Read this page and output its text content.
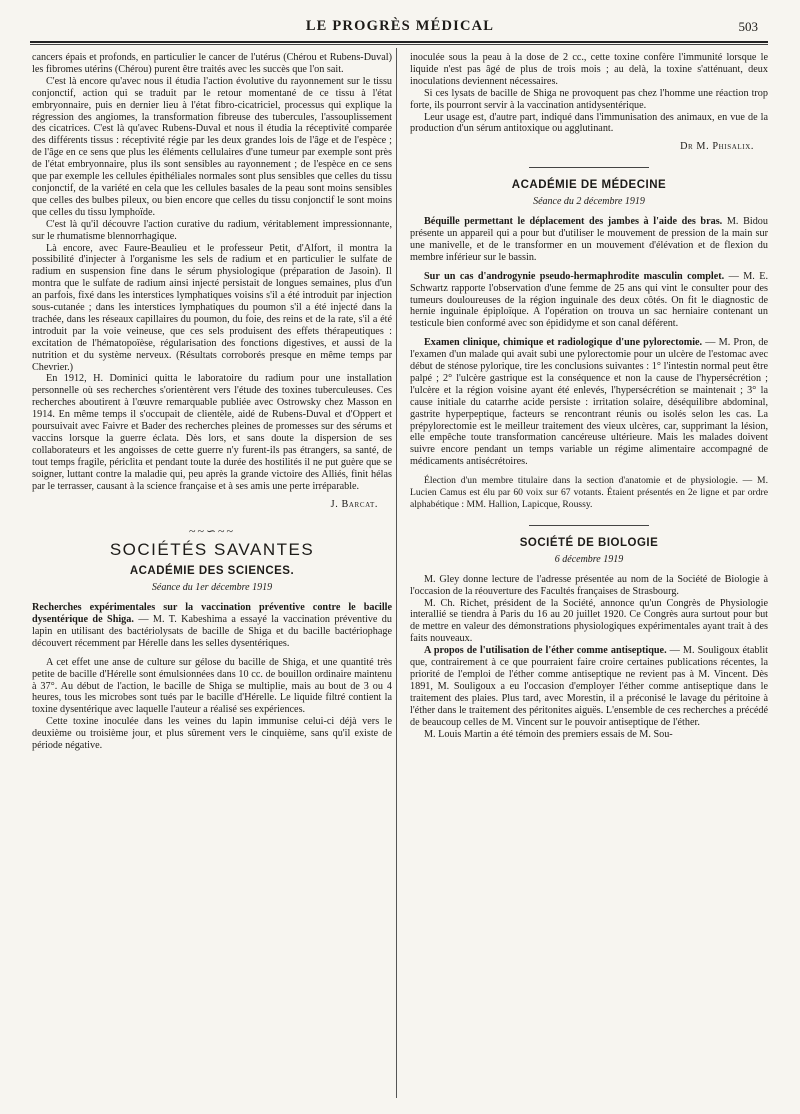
LE PROGRÈS MÉDICAL	503

cancers épais et profonds, en particulier le cancer de l'utérus (Chérou et Rubens-Duval) les fibromes utérins (Chérou) purent être traités avec les succès que l'on sait.

C'est là encore qu'avec nous il étudia l'action évolutive du rayonnement sur le tissu conjonctif, action qui se traduit par le retour momentané de ce tissu à l'état embryonnaire, puis en dernier lieu à l'état fibro-cicatriciel, processus qui explique la régression des angiomes, la transformation fibreuse des tubercules, l'assouplissement des cicatrices. C'est là qu'avec Rubens-Duval et nous il étudia la réceptivité comparée des différents tissus : réceptivité régie par les deux grandes lois de l'âge et de l'espèce ; de l'âge en ce sens que plus les éléments cellulaires d'une tumeur par exemple sont près de l'état embryonnaire, plus ils sont sensibles au rayonnement ; de l'espèce en ce sens que par exemple les cellules épithéliales normales sont plus sensibles que celles du tissu conjonctif, de la variété en cela que les cellules basales de la peau sont moins sensibles que celles des bulbes pileux, ou bien encore que celles du tissu conjonctif le sont moins que celles du tissu lymphoïde.

C'est là qu'il découvre l'action curative du radium, véritablement impressionnante, sur le rhumatisme blennorrhagique.

Là encore, avec Faure-Beaulieu et le professeur Petit, d'Alfort, il montra la possibilité d'injecter à l'organisme les sels de radium et en particulier le sulfate de radium en suspension fine dans le sérum physiologique (préparation de Jasoin). Il montra que le sulfate de radium ainsi injecté persistait de longues semaines, plus d'un an parfois, fixé dans les interstices lymphatiques voisins s'il a été introduit par injection sous-cutanée ; dans les interstices lymphatiques du poumon s'il a été injecté dans la trachée, dans les réseaux capillaires du poumon, du foie, des reins et de la rate, s'il a été introduit par la voie veineuse, que ces sels produisent des effets thérapeutiques : excitation de l'hématopoïèse, régularisation des fonctions digestives, et aussi de la nutrition et du système nerveux. (Résultats corroborés presque en même temps par Chevrier.)

En 1912, H. Dominici quitta le laboratoire du radium pour une installation personnelle où ses recherches s'orientèrent vers l'étude des toxines tuberculeuses. Ces recherches aboutirent à l'œuvre remarquable publiée avec Ostrowsky chez Masson en 1914. En même temps il s'occupait de clientèle, aidé de Rubens-Duval et d'Oppert et poursuivait avec Faivre et Bader des recherches pleines de promesses sur des sérums et vaccins lorsque la guerre éclata. Dès lors, et sans doute la dispersion de ses collaborateurs et les angoisses de cette guerre n'y furent-ils pas étrangers, sa santé, de tout temps fragile, périclita et pendant toute la durée des hostilités il ne put guère que se soigner, luttant contre la maladie qui, peu après la grande victoire des Alliés, finit hélas par le terrasser, causant à la science française et à ses amis une perte irréparable.

J. Barcat.
~~∽~~
SOCIÉTÉS SAVANTES
ACADÉMIE DES SCIENCES.
Séance du 1er décembre 1919

Recherches expérimentales sur la vaccination préventive contre le bacille dysentérique de Shiga. — M. T. Kabeshima a essayé la vaccination préventive du lapin en utilisant des bactériolysats de bacille de Shiga et du bacille bactériophage découvert récemment par Hérelle dans les selles dysentériques.

A cet effet une anse de culture sur gélose du bacille de Shiga, et une quantité très petite de bacille d'Hérelle sont émulsionnées dans 10 cc. de bouillon ordinaire maintenu à 37°. Au début de l'action, le bacille de Shiga se multiplie, mais au bout de 3 ou 4 heures, tous les microbes sont tués par le bacille d'Hérelle. Le liquide filtré contient la toxine dysentérique avec laquelle l'auteur a réalisé ses expériences.

Cette toxine inoculée dans les veines du lapin immunise celui-ci déjà vers le deuxième ou troisième jour, et plus sûrement vers le cinquième, sans qu'il existe de période négative.

inoculée sous la peau à la dose de 2 cc., cette toxine confère l'immunité lorsque le liquide n'est pas âgé de plus de trois mois ; au delà, la toxine s'atténuant, deux inoculations deviennent nécessaires.

Si ces lysats de bacille de Shiga ne provoquent pas chez l'homme une réaction trop forte, ils pourront servir à la vaccination antidysentérique.

Leur usage est, d'autre part, indiqué dans l'immunisation des animaux, en vue de la production d'un sérum antitoxique ou agglutinant.

Dr M. Phisalix.
ACADÉMIE DE MÉDECINE
Séance du 2 décembre 1919

Béquille permettant le déplacement des jambes à l'aide des bras. M. Bidou présente un appareil qui a pour but d'utiliser le mouvement de pression de la main sur une manivelle, et de le transformer en un mouvement d'élévation et de flexion du membre inférieur sur le bassin.

Sur un cas d'androgynie pseudo-hermaphrodite masculin complet. — M. E. Schwartz rapporte l'observation d'une femme de 25 ans qui vint le consulter pour des tumeurs douloureuses de la région inguinale des deux côtés. On fit le diagnostic de hernie inguinale épiploïque. A l'opération on trouva un sac herniaire contenant un testicule bien conformé avec son épididyme et son canal déférent.

Examen clinique, chimique et radiologique d'une pylorectomie. — M. Pron, de l'examen d'un malade qui avait subi une pylorectomie pour un ulcère de l'estomac avec début de sténose pylorique, tire les conclusions suivantes : 1° l'intestin normal peut être palpé ; 2° l'ulcère gastrique est la conséquence et non la cause de l'hypersécrétion ; l'ulcère et la région voisine ayant été enlevés, l'hypersécrétion se maintenait ; 3° la cause initiale du catarrhe acide persiste : irritation solaire, déséquilibre abdominal, gastrite hyperpeptique, facteurs se rencontrant réunis ou isolés selon les cas. La prépylorectomie est le meilleur traitement des vieux ulcères, car, supprimant la lésion, elle empêche toute transformation cancéreuse ultérieure. Mais les malades doivent suivre encore pendant un temps variable un régime alimentaire accompagné de médicaments antisécrétoires.

Élection d'un membre titulaire dans la section d'anatomie et de physiologie. — M. Lucien Camus est élu par 60 voix sur 67 votants. Étaient présentés en 2e ligne et par ordre alphabétique : MM. Hallion, Lapicque, Roussy.

SOCIÉTÉ DE BIOLOGIE
6 décembre 1919

M. Gley donne lecture de l'adresse présentée au nom de la Société de Biologie à l'occasion de la réouverture des Facultés françaises de Strasbourg.

M. Ch. Richet, président de la Société, annonce qu'un Congrès de Physiologie interallié se tiendra à Paris du 16 au 20 juillet 1920. Ce Congrès aura surtout pour but de mettre en valeur des démonstrations physiologiques expérimentales ayant trait à des faits nouveaux.

A propos de l'utilisation de l'éther comme antiseptique. — M. Souligoux établit que, contrairement à ce que pourraient faire croire certaines publications récentes, la priorité de l'emploi de l'éther comme antiseptique ne revient pas à M. Vincent. Dès 1891, M. Souligoux a eu l'occasion d'employer l'éther comme antiseptique dans le traitement des plaies. Plus tard, avec Morestin, il a préconisé le lavage du péritoine à l'éther dans le traitement des péritonites aiguës. L'ensemble de ces recherches a précédé de beaucoup celles de M. Vincent sur le pouvoir antiseptique de l'éther.

M. Louis Martin a été témoin des premiers essais de M. Sou-
